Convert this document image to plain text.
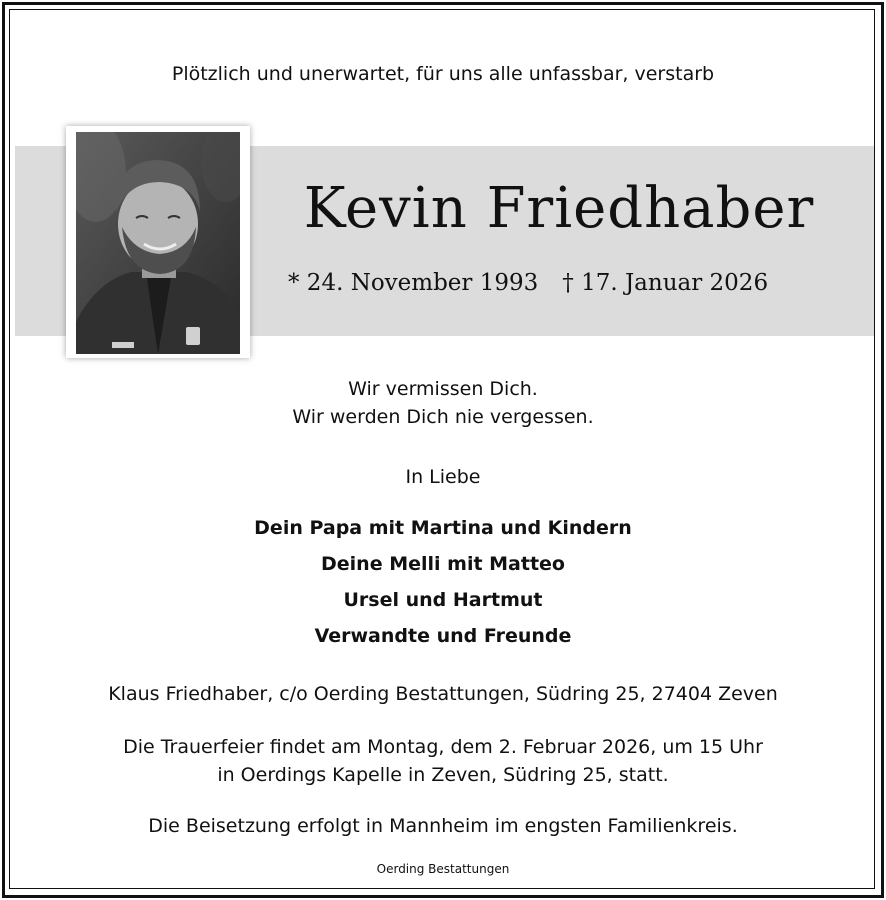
Plötzlich und unerwartet, für uns alle unfassbar, verstarb
Kevin Friedhaber
* 24. November 1993 † 17. Januar 2026
Wir vermissen Dich.
Wir werden Dich nie vergessen.
In Liebe
Dein Papa mit Martina und Kindern
Deine Melli mit Matteo
Ursel und Hartmut
Verwandte und Freunde
Klaus Friedhaber, c/o Oerding Bestattungen, Südring 25, 27404 Zeven
Die Trauerfeier findet am Montag, dem 2. Februar 2026, um 15 Uhr
in Oerdings Kapelle in Zeven, Südring 25, statt.
Die Beisetzung erfolgt in Mannheim im engsten Familienkreis.
Oerding Bestattungen
